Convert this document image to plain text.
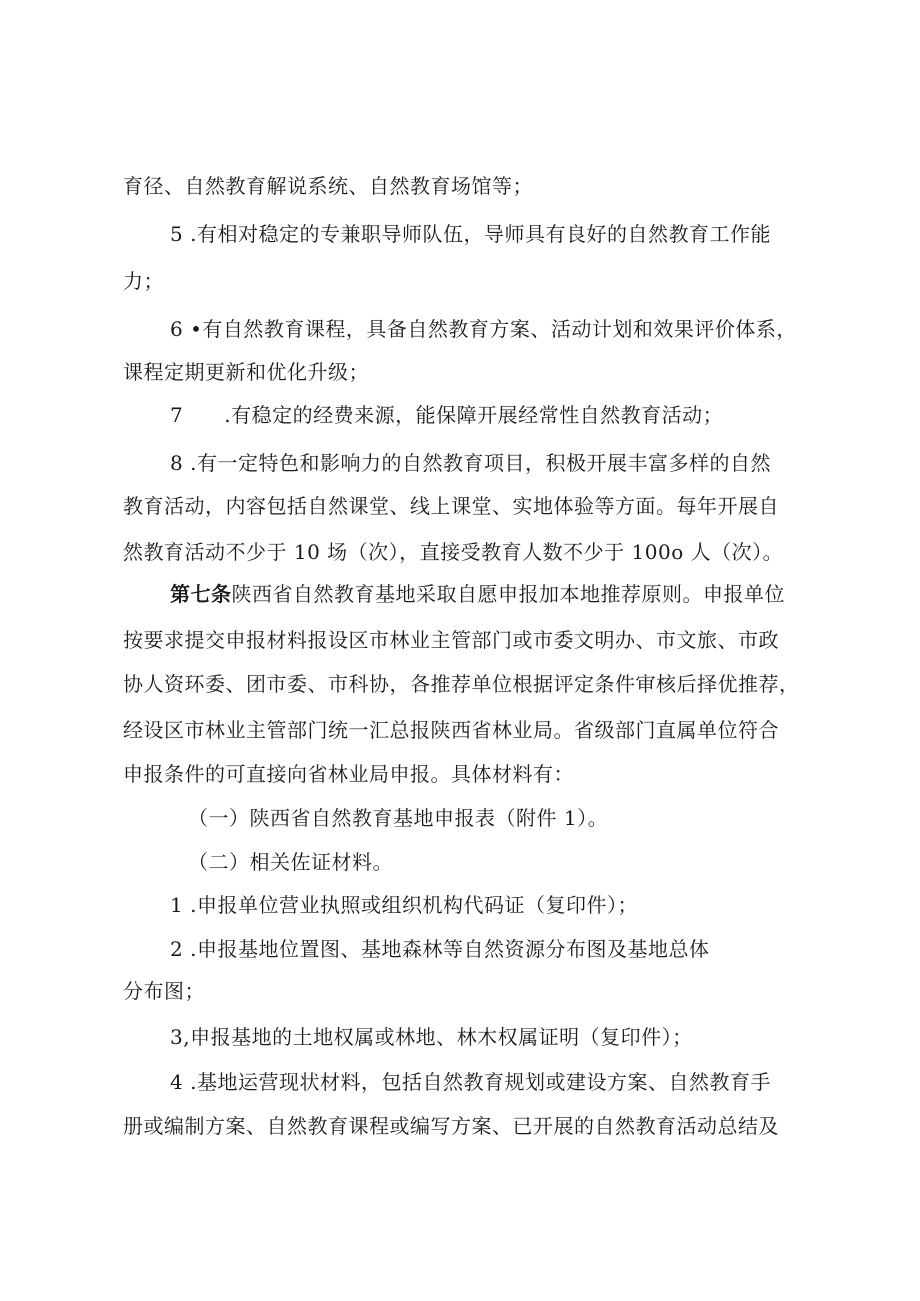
育径、自然教育解说系统、自然教育场馆等；
5 .有相对稳定的专兼职导师队伍，导师具有良好的自然教育工作能
力；
6 •有自然教育课程，具备自然教育方案、活动计划和效果评价体系，
课程定期更新和优化升级；
7　　.有稳定的经费来源，能保障开展经常性自然教育活动；
8 .有一定特色和影响力的自然教育项目，积极开展丰富多样的自然
教育活动，内容包括自然课堂、线上课堂、实地体验等方面。每年开展自
然教育活动不少于 10 场（次），直接受教育人数不少于 100o 人（次）。
第七条陕西省自然教育基地采取自愿申报加本地推荐原则。申报单位
按要求提交申报材料报设区市林业主管部门或市委文明办、市文旅、市政
协人资环委、团市委、市科协，各推荐单位根据评定条件审核后择优推荐，
经设区市林业主管部门统一汇总报陕西省林业局。省级部门直属单位符合
申报条件的可直接向省林业局申报。具体材料有：
（一）陕西省自然教育基地申报表（附件 1）。
（二）相关佐证材料。
1 .申报单位营业执照或组织机构代码证（复印件）；
2 .申报基地位置图、基地森林等自然资源分布图及基地总体
分布图；
3,申报基地的土地权属或林地、林木权属证明（复印件）；
4 .基地运营现状材料，包括自然教育规划或建设方案、自然教育手
册或编制方案、自然教育课程或编写方案、已开展的自然教育活动总结及
